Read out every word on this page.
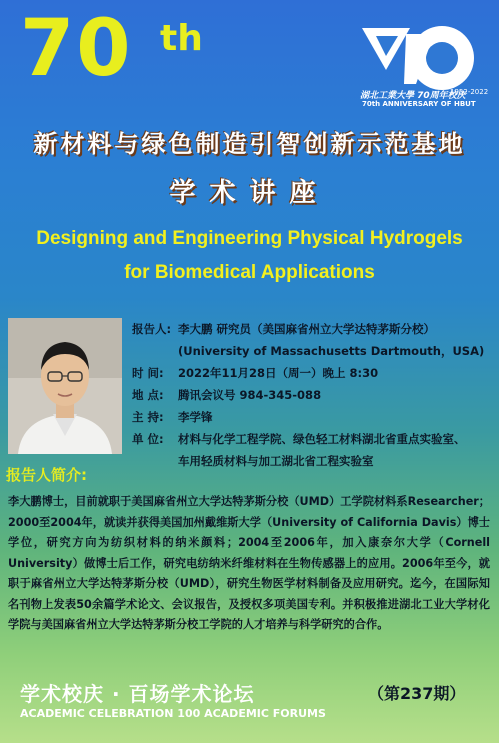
70 th
1952-2022
湖北工業大學 70周年校庆
70th ANNIVERSARY OF HBUT
新材料与绿色制造引智创新示范基地
学术讲座
Designing and Engineering Physical Hydrogels
for Biomedical Applications
报告人: 李大鹏 研究员（美国麻省州立大学达特茅斯分校）
(University of Massachusetts Dartmouth，USA)
时 间:	2022年11月28日（周一）晚上 8:30
地 点:	腾讯会议号 984-345-088
主 持:	李学锋
单 位:	材料与化学工程学院、绿色轻工材料湖北省重点实验室、
车用轻质材料与加工湖北省工程实验室
报告人简介:
李大鹏博士，目前就职于美国麻省州立大学达特茅斯分校（UMD）工学院材料系Researcher；2000至2004年，就读并获得美国加州戴维斯大学（University of California Davis）博士学位，研究方向为纺织材料的纳米颜料；2004至2006年，加入康奈尔大学（Cornell University）做博士后工作，研究电纺纳米纤维材料在生物传感器上的应用。2006年至今，就职于麻省州立大学达特茅斯分校（UMD），研究生物医学材料制备及应用研究。迄今，在国际知名刊物上发表50余篇学术论文、会议报告，及授权多项美国专利。并积极推进湖北工业大学材化学院与美国麻省州立大学达特茅斯分校工学院的人才培养与科学研究的合作。
学术校庆 · 百场学术论坛	（第237期）
ACADEMIC CELEBRATION 100 ACADEMIC FORUMS
